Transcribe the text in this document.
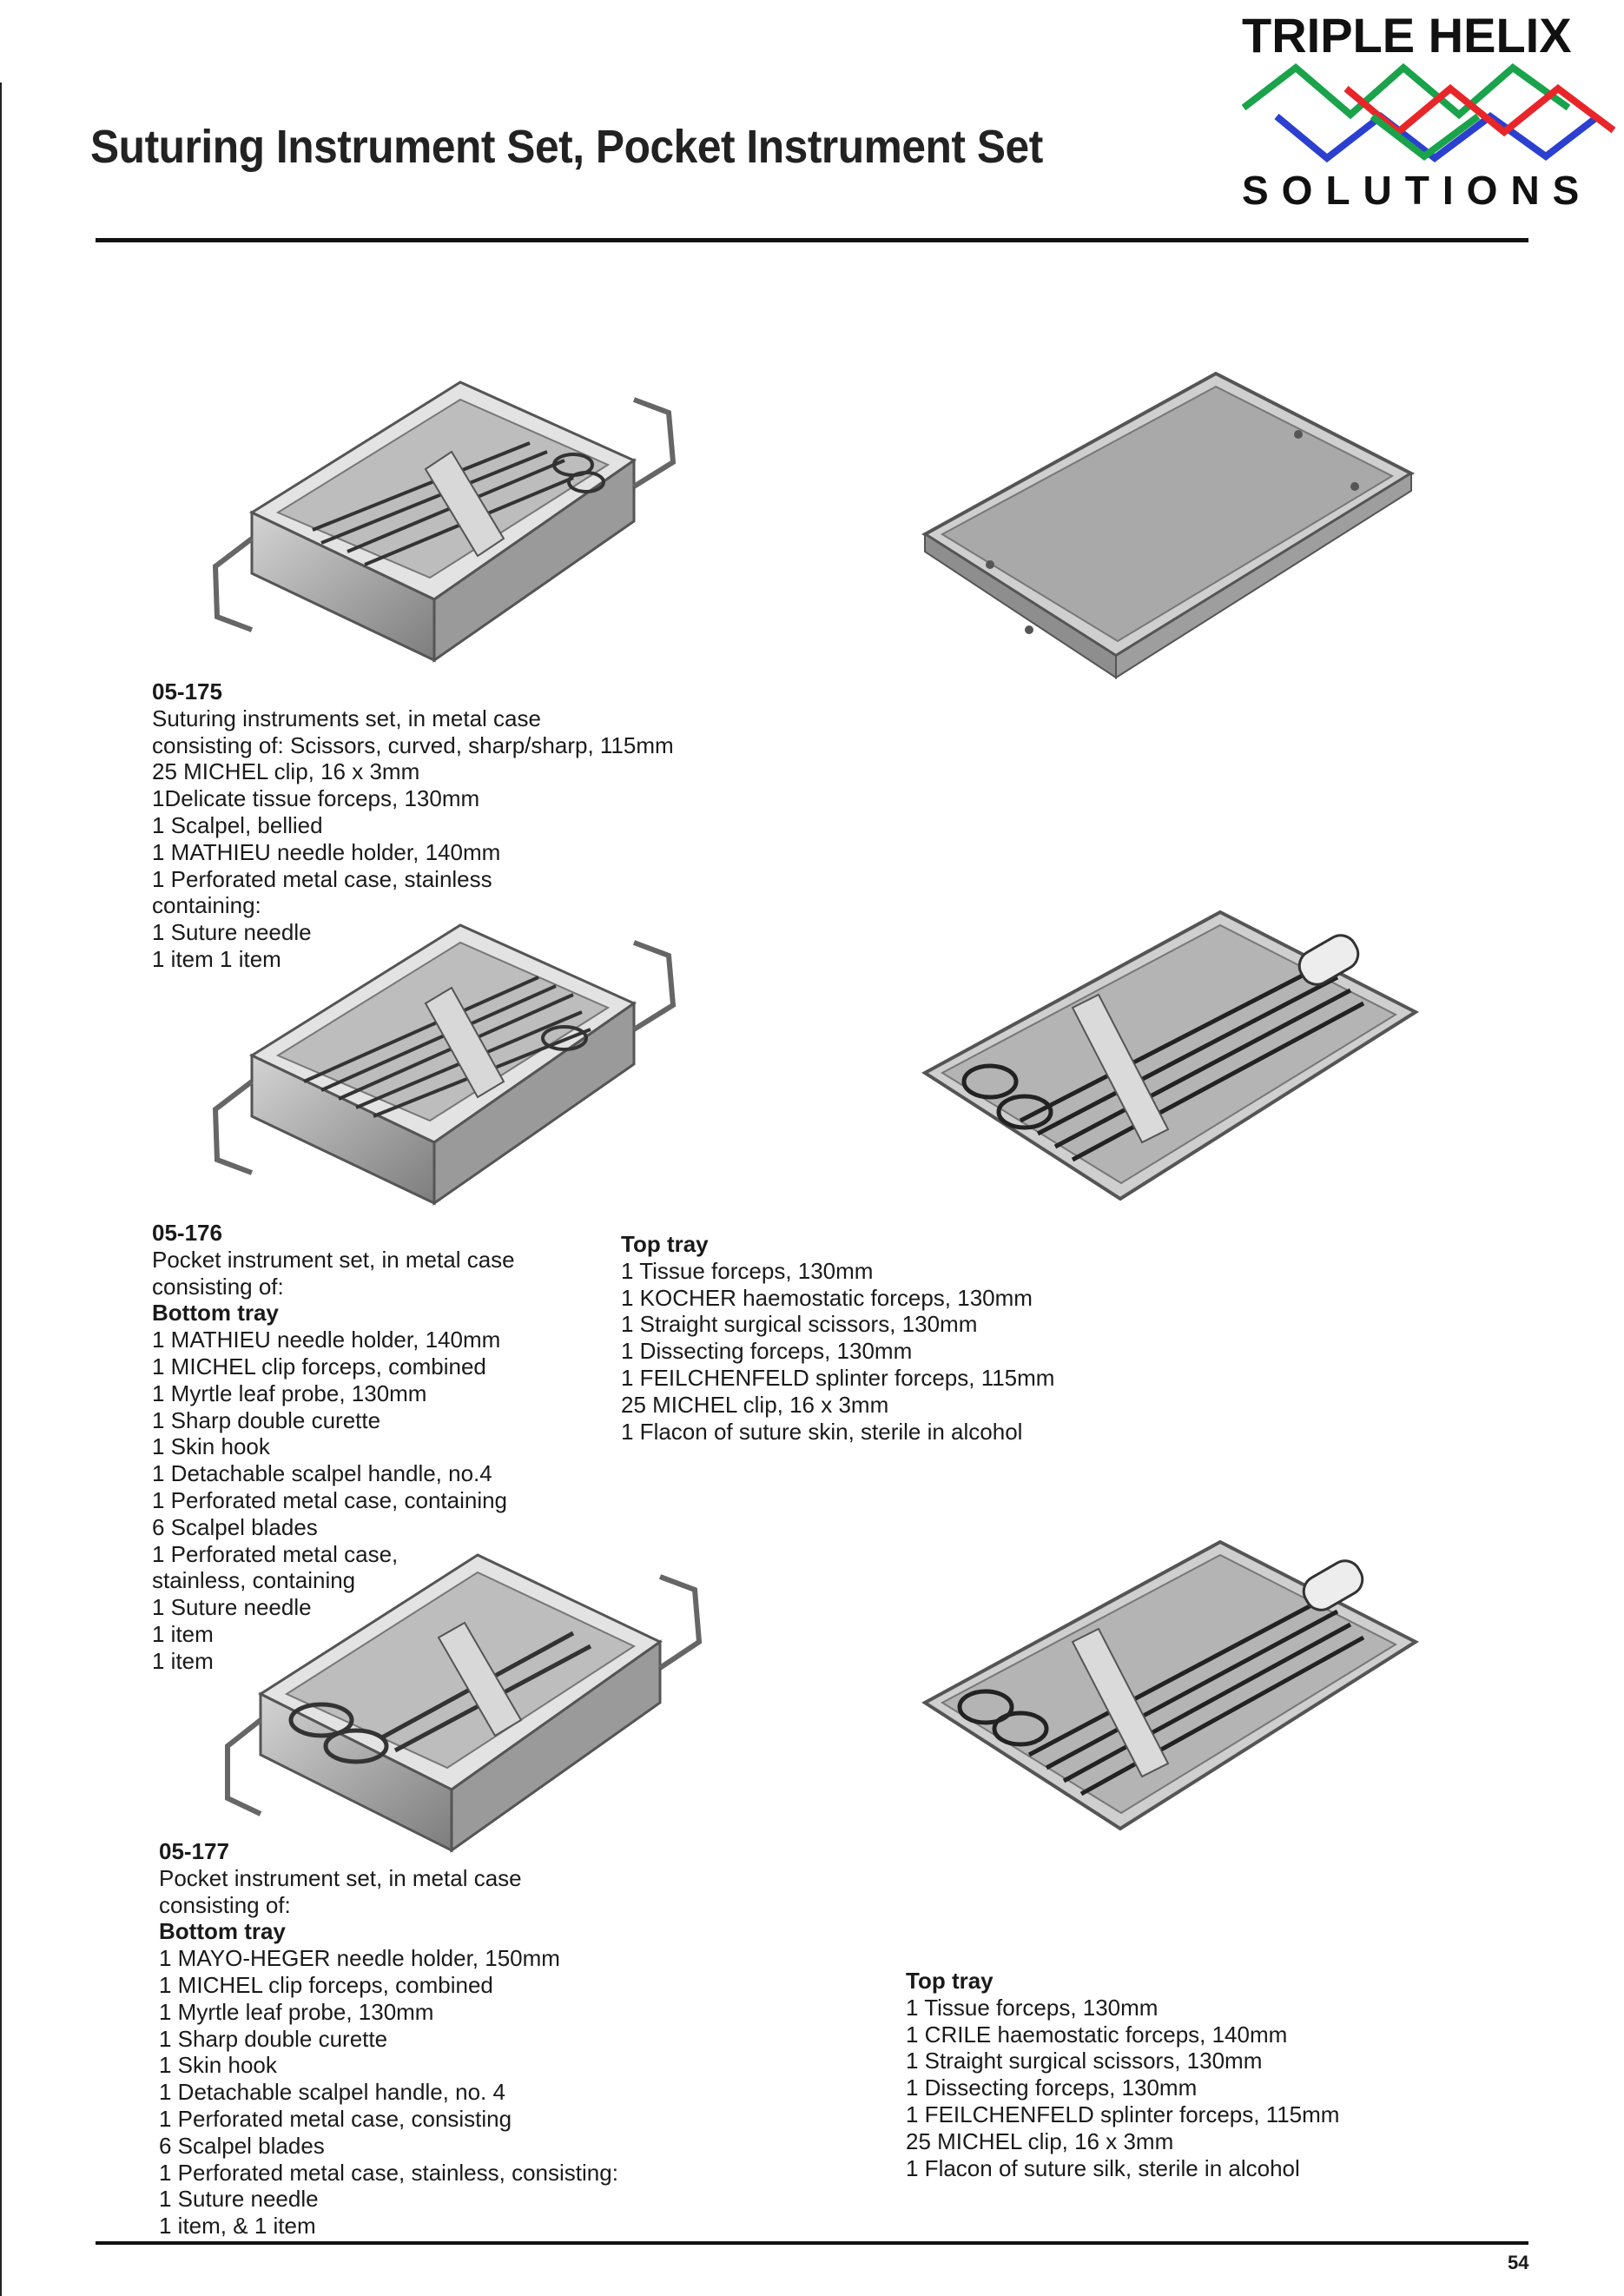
Suturing Instrument Set, Pocket Instrument Set

TRIPLE HELIX

SOLUTIONS

05-175
Suturing instruments set, in metal case
consisting of: Scissors, curved, sharp/sharp, 115mm
25 MICHEL clip, 16 x 3mm
1Delicate tissue forceps, 130mm
1 Scalpel, bellied
1 MATHIEU needle holder, 140mm
1 Perforated metal case, stainless
containing:
1 Suture needle
1 item 1 item
05-176
Pocket instrument set, in metal case
consisting of:
Bottom tray
1 MATHIEU needle holder, 140mm
1 MICHEL clip forceps, combined
1 Myrtle leaf probe, 130mm
1 Sharp double curette
1 Skin hook
1 Detachable scalpel handle, no.4
1 Perforated metal case, containing
6 Scalpel blades
1 Perforated metal case,
stainless, containing
1 Suture needle
1 item
1 item
Top tray
1 Tissue forceps, 130mm
1 KOCHER haemostatic forceps, 130mm
1 Straight surgical scissors, 130mm
1 Dissecting forceps, 130mm
1 FEILCHENFELD splinter forceps, 115mm
25 MICHEL clip, 16 x 3mm
1 Flacon of suture skin, sterile in alcohol
05-177
Pocket instrument set, in metal case
consisting of:
Bottom tray
1 MAYO-HEGER needle holder, 150mm
1 MICHEL clip forceps, combined
1 Myrtle leaf probe, 130mm
1 Sharp double curette
1 Skin hook
1 Detachable scalpel handle, no. 4
1 Perforated metal case, consisting
6 Scalpel blades
1 Perforated metal case, stainless, consisting:
1 Suture needle
1 item, & 1 item
Top tray
1 Tissue forceps, 130mm
1 CRILE haemostatic forceps, 140mm
1 Straight surgical scissors, 130mm
1 Dissecting forceps, 130mm
1 FEILCHENFELD splinter forceps, 115mm
25 MICHEL clip, 16 x 3mm
1 Flacon of suture silk, sterile in alcohol

54
